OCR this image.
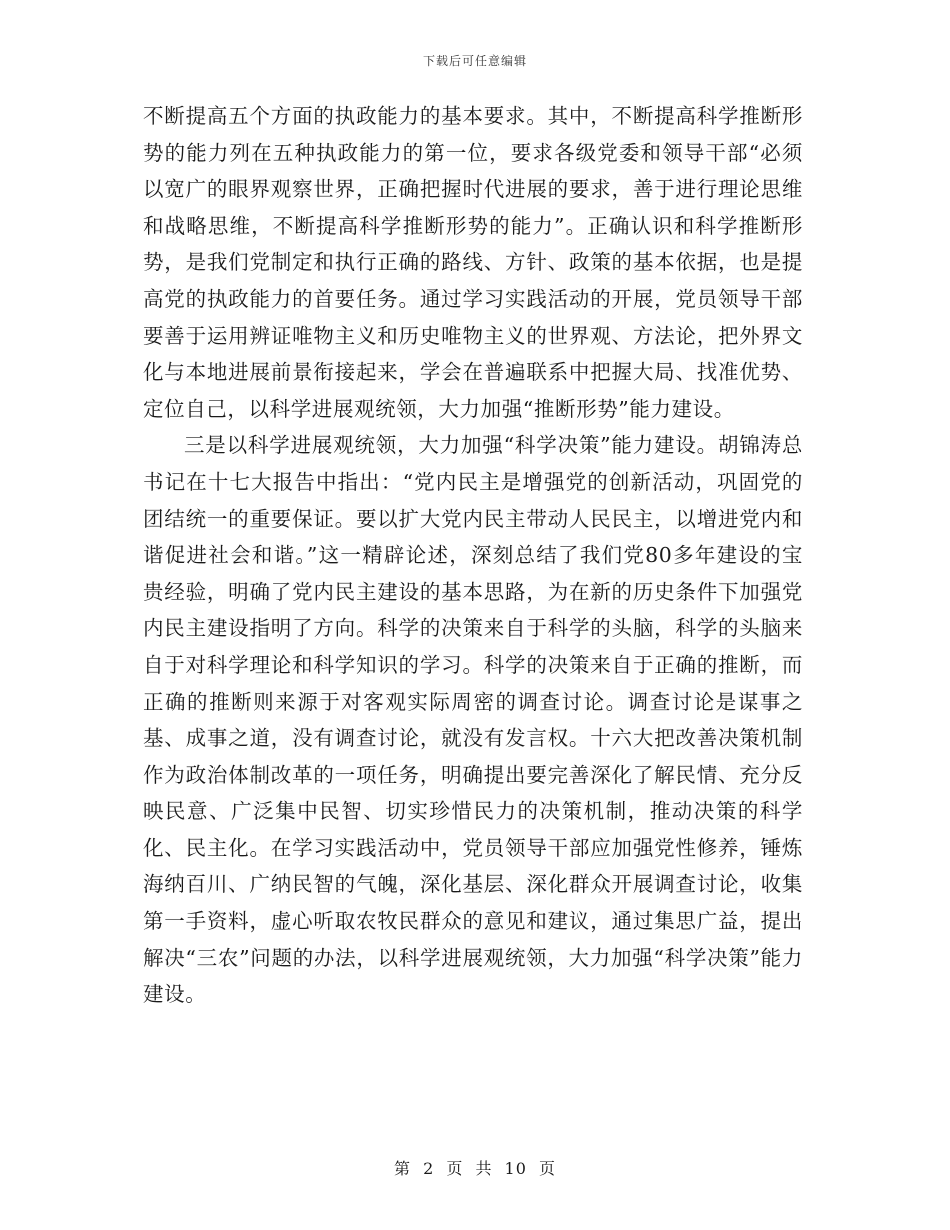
下载后可任意编辑

不断提高五个方面的执政能力的基本要求。其中，不断提高科学推断形势的能力列在五种执政能力的第一位，要求各级党委和领导干部“必须以宽广的眼界观察世界，正确把握时代进展的要求，善于进行理论思维和战略思维，不断提高科学推断形势的能力”。正确认识和科学推断形势，是我们党制定和执行正确的路线、方针、政策的基本依据，也是提高党的执政能力的首要任务。通过学习实践活动的开展，党员领导干部要善于运用辨证唯物主义和历史唯物主义的世界观、方法论，把外界文化与本地进展前景衔接起来，学会在普遍联系中把握大局、找准优势、定位自己，以科学进展观统领，大力加强“推断形势”能力建设。

三是以科学进展观统领，大力加强“科学决策”能力建设。胡锦涛总书记在十七大报告中指出：“党内民主是增强党的创新活动，巩固党的团结统一的重要保证。要以扩大党内民主带动人民民主，以增进党内和谐促进社会和谐。”这一精辟论述，深刻总结了我们党80多年建设的宝贵经验，明确了党内民主建设的基本思路，为在新的历史条件下加强党内民主建设指明了方向。科学的决策来自于科学的头脑，科学的头脑来自于对科学理论和科学知识的学习。科学的决策来自于正确的推断，而正确的推断则来源于对客观实际周密的调查讨论。调查讨论是谋事之基、成事之道，没有调查讨论，就没有发言权。十六大把改善决策机制作为政治体制改革的一项任务，明确提出要完善深化了解民情、充分反映民意、广泛集中民智、切实珍惜民力的决策机制，推动决策的科学化、民主化。在学习实践活动中，党员领导干部应加强党性修养，锤炼海纳百川、广纳民智的气魄，深化基层、深化群众开展调查讨论，收集第一手资料，虚心听取农牧民群众的意见和建议，通过集思广益，提出解决“三农”问题的办法，以科学进展观统领，大力加强“科学决策”能力建设。

第 2 页 共 10 页
